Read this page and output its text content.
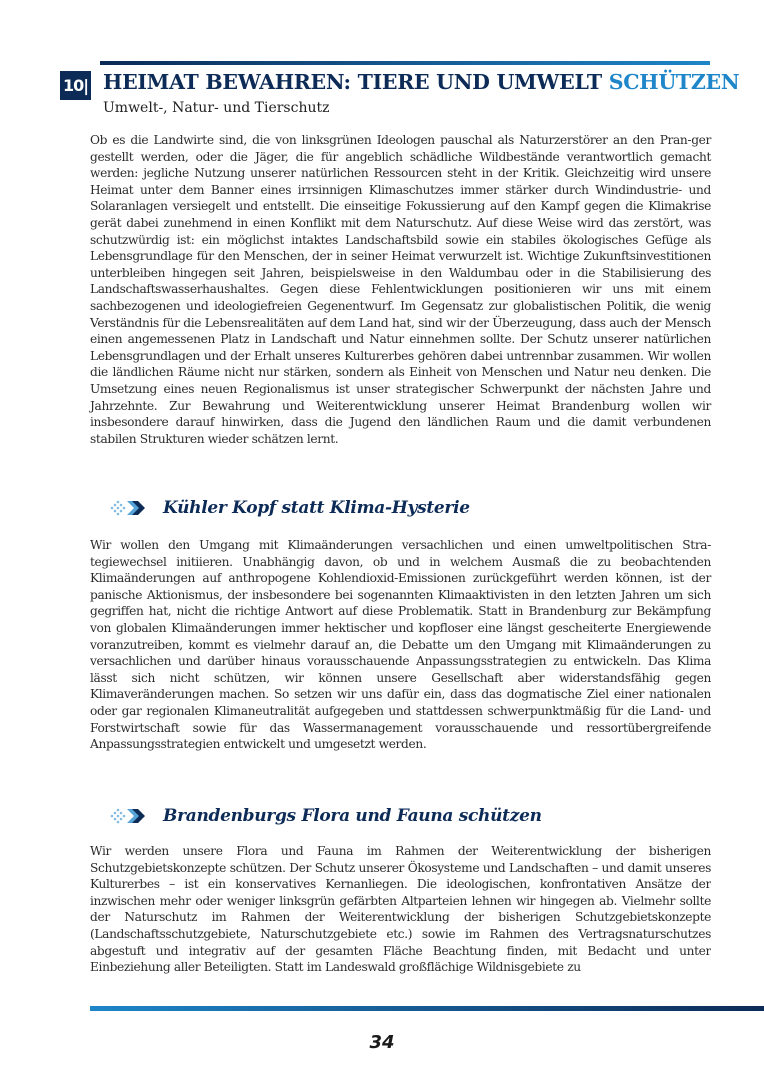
10| HEIMAT BEWAHREN: TIERE UND UMWELT SCHÜTZEN
Umwelt-, Natur- und Tierschutz

Ob es die Landwirte sind, die von linksgrünen Ideologen pauschal als Naturzerstörer an den Pran-ger gestellt werden, oder die Jäger, die für angeblich schädliche Wildbestände verantwortlich gemacht werden: jegliche Nutzung unserer natürlichen Ressourcen steht in der Kritik. Gleichzeitig wird unsere Heimat unter dem Banner eines irrsinnigen Klimaschutzes immer stärker durch Windindustrie- und Solaranlagen versiegelt und entstellt. Die einseitige Fokussierung auf den Kampf gegen die Klimakrise gerät dabei zunehmend in einen Konflikt mit dem Naturschutz. Auf diese Weise wird das zerstört, was schutzwürdig ist: ein möglichst intaktes Landschaftsbild sowie ein stabiles ökologisches Gefüge als Lebensgrundlage für den Menschen, der in seiner Heimat verwurzelt ist. Wichtige Zukunftsinvestitionen unterbleiben hingegen seit Jahren, beispielsweise in den Waldumbau oder in die Stabilisierung des Landschaftswasserhaushaltes. Gegen diese Fehlentwicklungen positionieren wir uns mit einem sachbezogenen und ideologiefreien Gegenentwurf. Im Gegensatz zur globalistischen Politik, die wenig Verständnis für die Lebensrealitäten auf dem Land hat, sind wir der Überzeugung, dass auch der Mensch einen angemessenen Platz in Landschaft und Natur einnehmen sollte. Der Schutz unserer natürlichen Lebensgrundlagen und der Erhalt unseres Kulturerbes gehören dabei untrennbar zusammen. Wir wollen die ländlichen Räume nicht nur stärken, sondern als Einheit von Menschen und Natur neu denken. Die Umsetzung eines neuen Regionalismus ist unser strategischer Schwerpunkt der nächsten Jahre und Jahrzehnte. Zur Bewahrung und Weiterentwicklung unserer Heimat Brandenburg wollen wir insbesondere darauf hinwirken, dass die Jugend den ländlichen Raum und die damit verbundenen stabilen Strukturen wieder schätzen lernt.

Kühler Kopf statt Klima-Hysterie

Wir wollen den Umgang mit Klimaänderungen versachlichen und einen umweltpolitischen Stra-tegiewechsel initiieren. Unabhängig davon, ob und in welchem Ausmaß die zu beobachtenden Klimaänderungen auf anthropogene Kohlendioxid-Emissionen zurückgeführt werden können, ist der panische Aktionismus, der insbesondere bei sogenannten Klimaaktivisten in den letzten Jahren um sich gegriffen hat, nicht die richtige Antwort auf diese Problematik. Statt in Brandenburg zur Bekämpfung von globalen Klimaänderungen immer hektischer und kopfloser eine längst gescheiterte Energiewende voranzutreiben, kommt es vielmehr darauf an, die Debatte um den Umgang mit Klimaänderungen zu versachlichen und darüber hinaus vorausschauende Anpassungsstrategien zu entwickeln. Das Klima lässt sich nicht schützen, wir können unsere Gesellschaft aber widerstandsfähig gegen Klimaveränderungen machen. So setzen wir uns dafür ein, dass das dogmatische Ziel einer nationalen oder gar regionalen Klimaneutralität aufgegeben und stattdessen schwerpunktmäßig für die Land- und Forstwirtschaft sowie für das Wassermanagement vorausschauende und ressortübergreifende Anpassungsstrategien entwickelt und umgesetzt werden.

Brandenburgs Flora und Fauna schützen

Wir werden unsere Flora und Fauna im Rahmen der Weiterentwicklung der bisherigen Schutzgebietskonzepte schützen. Der Schutz unserer Ökosysteme und Landschaften – und damit unseres Kulturerbes – ist ein konservatives Kernanliegen. Die ideologischen, konfrontativen Ansätze der inzwischen mehr oder weniger linksgrün gefärbten Altparteien lehnen wir hingegen ab. Vielmehr sollte der Naturschutz im Rahmen der Weiterentwicklung der bisherigen Schutzgebietskonzepte (Landschaftsschutzgebiete, Naturschutzgebiete etc.) sowie im Rahmen des Vertragsnaturschutzes abgestuft und integrativ auf der gesamten Fläche Beachtung finden, mit Bedacht und unter Einbeziehung aller Beteiligten. Statt im Landeswald großflächige Wildnisgebiete zu

34
